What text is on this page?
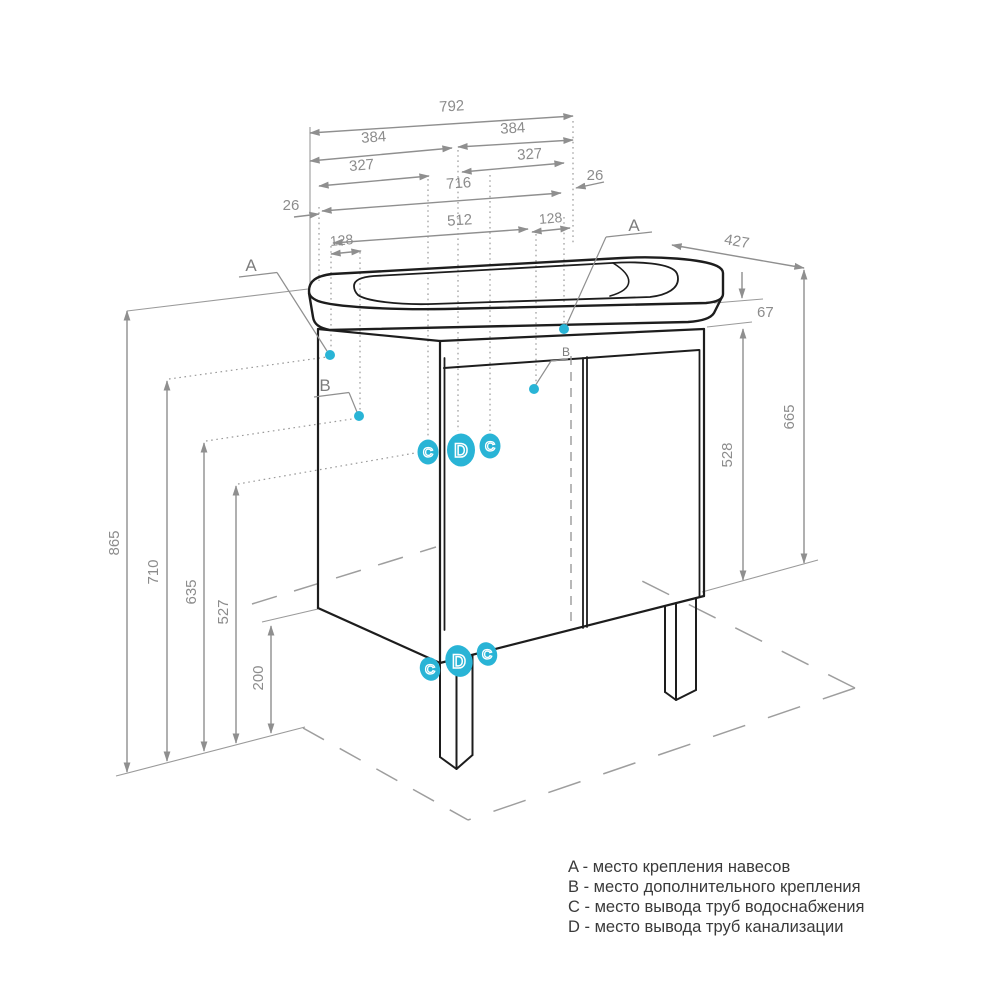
792
384	384
327
327
26
26
716
512
128
128
427
67
528
665
865
710
635
527
200
A
B
A
B
C D C
C D C
A - место крепления навесов
B - место дополнительного крепления
C - место вывода труб водоснабжения
D - место вывода труб канализации
